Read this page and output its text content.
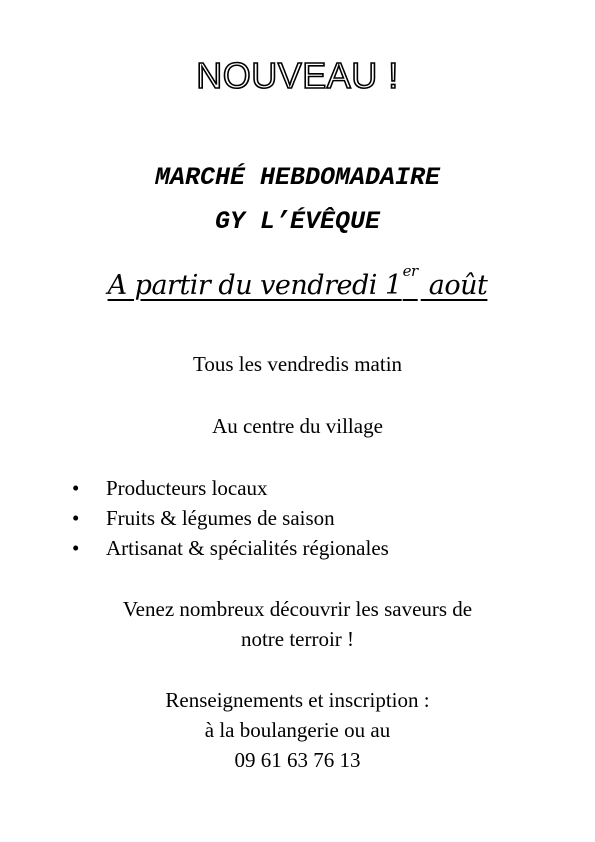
NOUVEAU !
MARCHÉ HEBDOMADAIRE
GY L’ÉVÊQUE

A partir du vendredi 1er août

Tous les vendredis matin

Au centre du village

•	Producteurs locaux
•	Fruits & légumes de saison
•	Artisanat & spécialités régionales

Venez nombreux découvrir les saveurs de
notre terroir !

Renseignements et inscription :
à la boulangerie ou au
09 61 63 76 13
